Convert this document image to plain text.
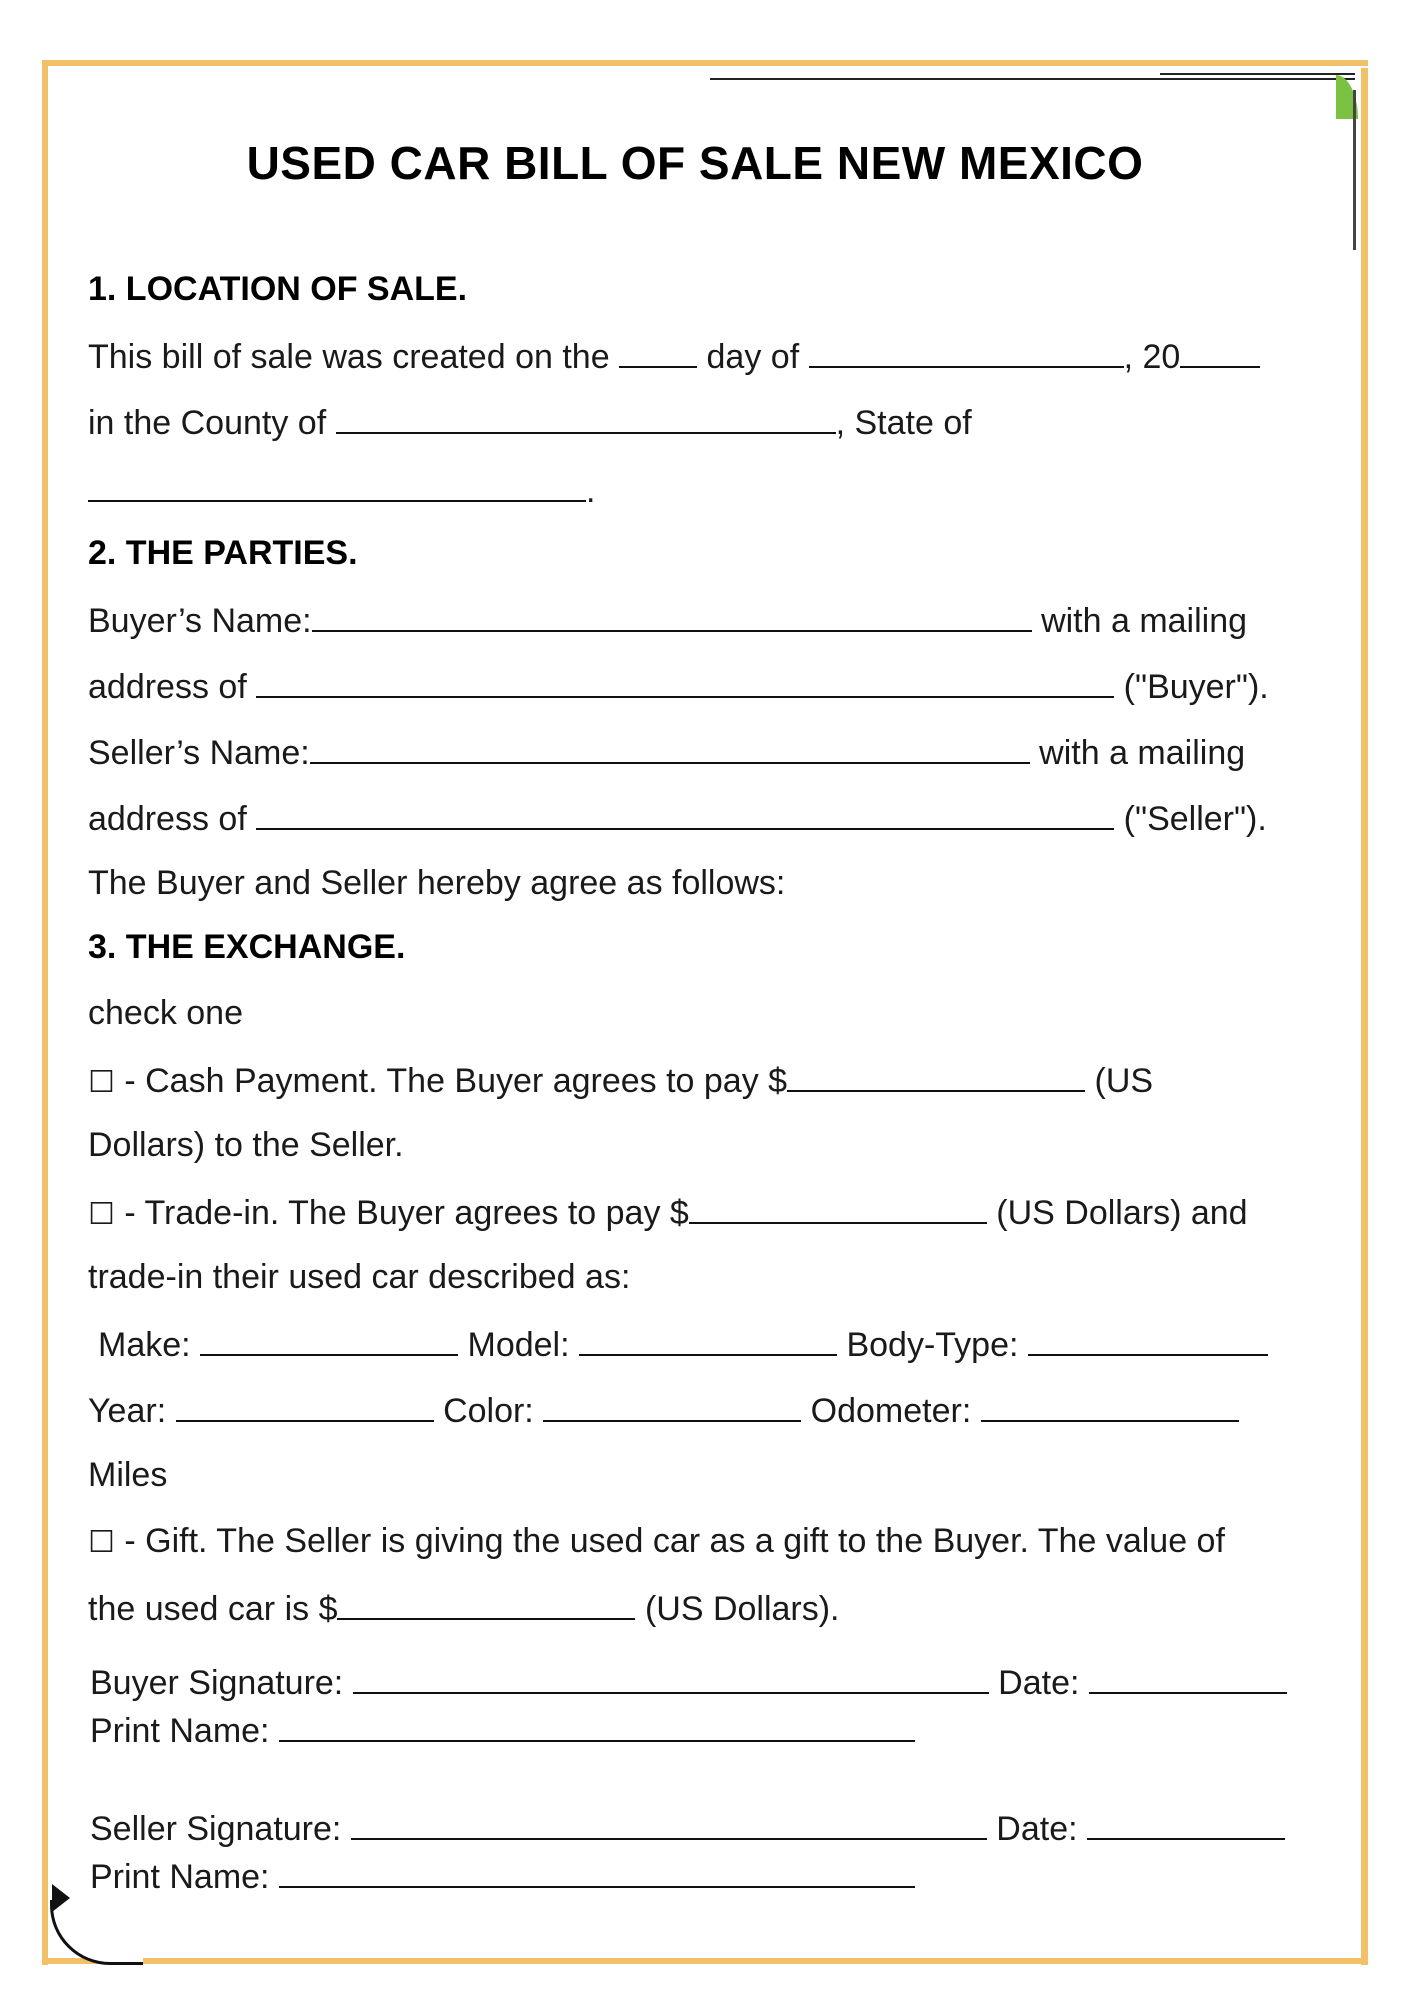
USED CAR BILL OF SALE NEW MEXICO
1. LOCATION OF SALE.
This bill of sale was created on the	day of	, 20
in the County of	, State of
.
2. THE PARTIES.
Buyer’s Name:	with a mailing
address of	("Buyer").
Seller’s Name:	with a mailing
address of	("Seller").
The Buyer and Seller hereby agree as follows:
3. THE EXCHANGE.
check one
☐ - Cash Payment. The Buyer agrees to pay $	(US
Dollars) to the Seller.
☐ - Trade-in. The Buyer agrees to pay $	(US Dollars) and
trade-in their used car described as:
Make:	Model:	Body-Type:
Year:	Color:	Odometer:
Miles
☐ - Gift. The Seller is giving the used car as a gift to the Buyer. The value of
the used car is $	(US Dollars).
Buyer Signature:	Date:
Print Name:
Seller Signature:	Date:
Print Name:
